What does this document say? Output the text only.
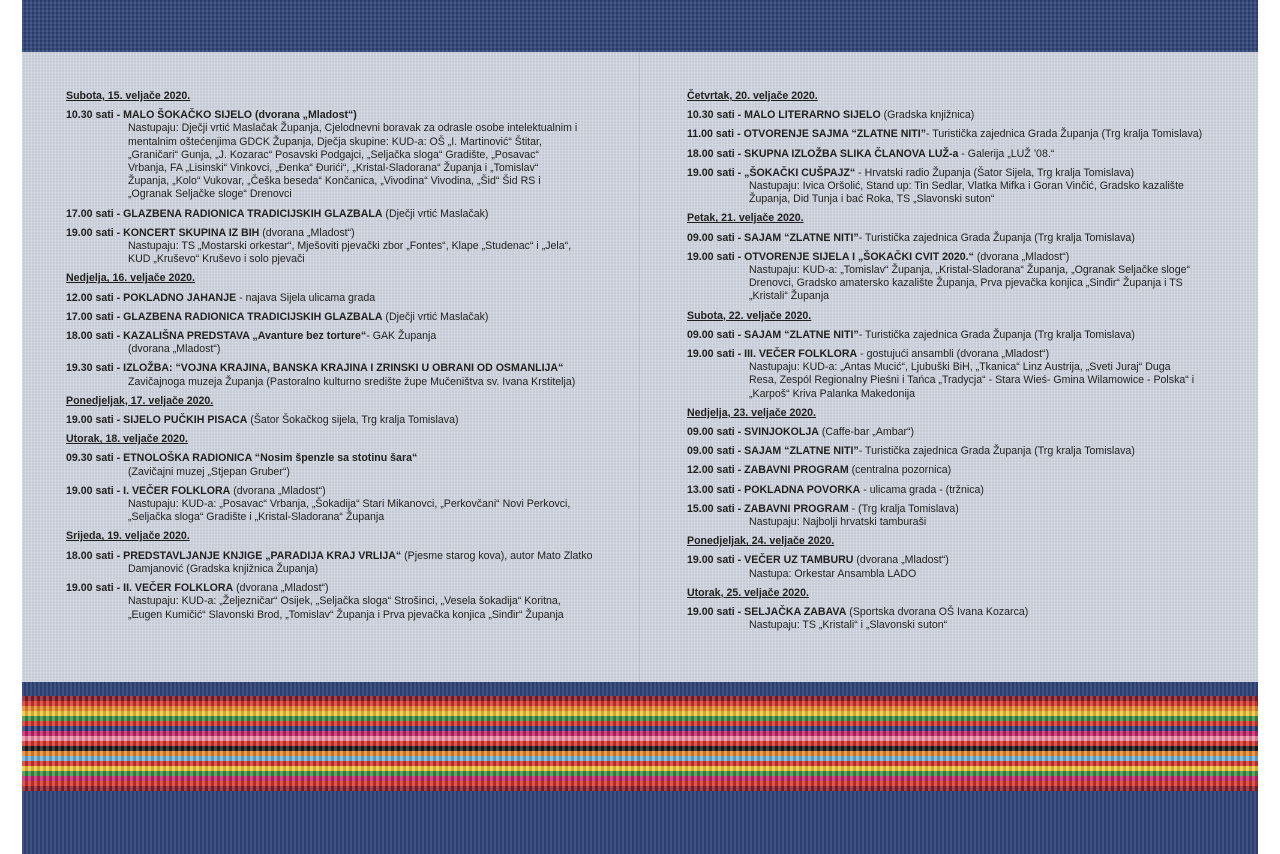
Subota, 15. veljače 2020.
10.30 sati - MALO ŠOKAČKO SIJELO (dvorana „Mladost“)
Nastupaju: Dječji vrtić Maslačak Županja, Cjelodnevni boravak za odrasle osobe intelektualnim i
mentalnim oštećenjima GDCK Županja, Dječja skupine: KUD-a: OŠ „I. Martinović“ Štitar,
„Graničari“ Gunja, „J. Kozarac“ Posavski Podgajci, „Seljačka sloga“ Gradište, „Posavac“
Vrbanja, FA „Lisinski“ Vinkovci, „Đenka“ Đurići“, „Kristal-Sladorana“ Županja i „Tomislav“
Županja, „Kolo“ Vukovar, „Češka beseda“ Končanica, „Vivodina“ Vivodina, „Šid“ Šid RS i
„Ogranak Seljačke sloge“ Drenovci
17.00 sati - GLAZBENA RADIONICA TRADICIJSKIH GLAZBALA (Dječji vrtić Maslačak)
19.00 sati - KONCERT SKUPINA IZ BIH (dvorana „Mladost“)
Nastupaju: TS „Mostarski orkestar“, Mješoviti pjevački zbor „Fontes“, Klape „Studenac“ i „Jela“,
KUD „Kruševo“ Kruševo i solo pjevači
Nedjelja, 16. veljače 2020.
12.00 sati - POKLADNO JAHANJE - najava Sijela ulicama grada
17.00 sati - GLAZBENA RADIONICA TRADICIJSKIH GLAZBALA (Dječji vrtić Maslačak)
18.00 sati - KAZALIŠNA PREDSTAVA „Avanture bez torture“- GAK Županja
(dvorana „Mladost“)
19.30 sati - IZLOŽBA: “VOJNA KRAJINA, BANSKA KRAJINA I ZRINSKI U OBRANI OD OSMANLIJA“
Zavičajnoga muzeja Županja (Pastoralno kulturno središte župe Mučeništva sv. Ivana Krstitelja)
Ponedjeljak, 17. veljače 2020.
19.00 sati - SIJELO PUČKIH PISACA (Šator Šokačkog sijela, Trg kralja Tomislava)
Utorak, 18. veljače 2020.
09.30 sati - ETNOLOŠKA RADIONICA “Nosim špenzle sa stotinu šara“
(Zavičajni muzej „Stjepan Gruber“)
19.00 sati - I. VEČER FOLKLORA (dvorana „Mladost“)
Nastupaju: KUD-a: „Posavac“ Vrbanja, „Šokadija“ Stari Mikanovci, „Perkovčani“ Novi Perkovci,
„Seljačka sloga“ Gradište i „Kristal-Sladorana“ Županja
Srijeda, 19. veljače 2020.
18.00 sati - PREDSTAVLJANJE KNJIGE „PARADIJA KRAJ VRLIJA“ (Pjesme starog kova), autor Mato Zlatko
Damjanović (Gradska knjižnica Županja)
19.00 sati - II. VEČER FOLKLORA (dvorana „Mladost“)
Nastupaju: KUD-a: „Željezničar“ Osijek, „Seljačka sloga“ Strošinci, „Vesela šokadija“ Koritna,
„Eugen Kumičić“ Slavonski Brod, „Tomislav“ Županja i Prva pjevačka konjica „Sinđir“ Županja
Četvrtak, 20. veljače 2020.
10.30 sati - MALO LITERARNO SIJELO (Gradska knjižnica)
11.00 sati - OTVORENJE SAJMA “ZLATNE NITI”- Turistička zajednica Grada Županja (Trg kralja Tomislava)
18.00 sati - SKUPNA IZLOŽBA SLIKA ČLANOVA LUŽ-a - Galerija „LUŽ ’08.“
19.00 sati - „ŠOKAČKI CUŠPAJZ“ - Hrvatski radio Županja (Šator Sijela, Trg kralja Tomislava)
Nastupaju: Ivica Oršolić, Stand up: Tin Sedlar, Vlatka Mifka i Goran Vinčić, Gradsko kazalište
Županja, Did Tunja i bać Roka, TS „Slavonski suton“
Petak, 21. veljače 2020.
09.00 sati - SAJAM “ZLATNE NITI”- Turistička zajednica Grada Županja (Trg kralja Tomislava)
19.00 sati - OTVORENJE SIJELA I „ŠOKAČKI CVIT 2020.“ (dvorana „Mladost“)
Nastupaju: KUD-a: „Tomislav“ Županja, „Kristal-Sladorana“ Županja, „Ogranak Seljačke sloge“
Drenovci, Gradsko amatersko kazalište Županja, Prva pjevačka konjica „Sinđir“ Županja i TS
„Kristali“ Županja
Subota, 22. veljače 2020.
09.00 sati - SAJAM “ZLATNE NITI”- Turistička zajednica Grada Županja (Trg kralja Tomislava)
19.00 sati - III. VEČER FOLKLORA - gostujući ansambli (dvorana „Mladost“)
Nastupaju: KUD-a: „Antas Mucić“, Ljubuški BiH, „Tkanica“ Linz Austrija, „Sveti Juraj“ Duga
Resa, Zespól Regionalny Pieśni i Tańca „Tradycja“ - Stara Wieś- Gmina Wilamowice - Polska“ i
„Karpoš“ Kriva Palanka Makedonija
Nedjelja, 23. veljače 2020.
09.00 sati - SVINJOKOLJA (Caffe-bar „Ambar“)
09.00 sati - SAJAM “ZLATNE NITI”- Turistička zajednica Grada Županja (Trg kralja Tomislava)
12.00 sati - ZABAVNI PROGRAM (centralna pozornica)
13.00 sati - POKLADNA POVORKA - ulicama grada - (tržnica)
15.00 sati - ZABAVNI PROGRAM - (Trg kralja Tomislava)
Nastupaju: Najbolji hrvatski tamburaši
Ponedjeljak, 24. veljače 2020.
19.00 sati - VEČER UZ TAMBURU (dvorana „Mladost“)
Nastupa: Orkestar Ansambla LADO
Utorak, 25. veljače 2020.
19.00 sati - SELJAČKA ZABAVA (Sportska dvorana OŠ Ivana Kozarca)
Nastupaju: TS „Kristali“ i „Slavonski suton“
